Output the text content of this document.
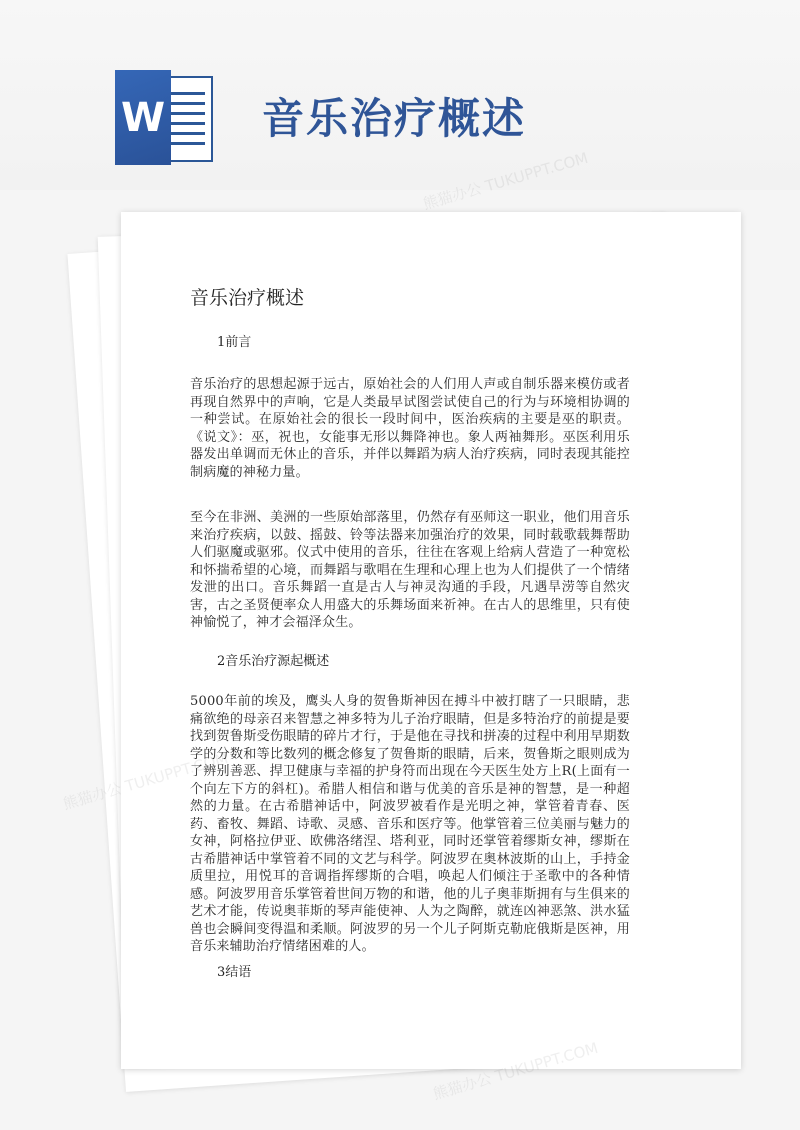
W 音乐治疗概述
音乐治疗概述
1前言

音乐治疗的思想起源于远古，原始社会的人们用人声或自制乐器来模仿或者再现自然界中的声响，它是人类最早试图尝试使自己的行为与环境相协调的一种尝试。在原始社会的很长一段时间中，医治疾病的主要是巫的职责。《说文》：巫，祝也，女能事无形以舞降神也。象人两袖舞形。巫医利用乐器发出单调而无休止的音乐，并伴以舞蹈为病人治疗疾病，同时表现其能控制病魔的神秘力量。

至今在非洲、美洲的一些原始部落里，仍然存有巫师这一职业，他们用音乐来治疗疾病，以鼓、摇鼓、铃等法器来加强治疗的效果，同时载歌载舞帮助人们驱魔或驱邪。仪式中使用的音乐，往往在客观上给病人营造了一种宽松和怀揣希望的心境，而舞蹈与歌唱在生理和心理上也为人们提供了一个情绪发泄的出口。音乐舞蹈一直是古人与神灵沟通的手段，凡遇旱涝等自然灾害，古之圣贤便率众人用盛大的乐舞场面来祈神。在古人的思维里，只有使神愉悦了，神才会福泽众生。

2音乐治疗源起概述

5000年前的埃及，鹰头人身的贺鲁斯神因在搏斗中被打瞎了一只眼睛，悲痛欲绝的母亲召来智慧之神多特为儿子治疗眼睛，但是多特治疗的前提是要找到贺鲁斯受伤眼睛的碎片才行，于是他在寻找和拼凑的过程中利用早期数学的分数和等比数列的概念修复了贺鲁斯的眼睛，后来，贺鲁斯之眼则成为了辨别善恶、捍卫健康与幸福的护身符而出现在今天医生处方上R(上面有一个向左下方的斜杠)。希腊人相信和谐与优美的音乐是神的智慧，是一种超然的力量。在古希腊神话中，阿波罗被看作是光明之神，掌管着青春、医药、畜牧、舞蹈、诗歌、灵感、音乐和医疗等。他掌管着三位美丽与魅力的女神，阿格拉伊亚、欧佛洛绪涅、塔利亚，同时还掌管着缪斯女神，缪斯在古希腊神话中掌管着不同的文艺与科学。阿波罗在奥林波斯的山上，手持金质里拉，用悦耳的音调指挥缪斯的合唱，唤起人们倾注于圣歌中的各种情感。阿波罗用音乐掌管着世间万物的和谐，他的儿子奥菲斯拥有与生俱来的艺术才能，传说奥菲斯的琴声能使神、人为之陶醉，就连凶神恶煞、洪水猛兽也会瞬间变得温和柔顺。阿波罗的另一个儿子阿斯克勒庇俄斯是医神，用音乐来辅助治疗情绪困难的人。

3结语
熊猫办公
熊猫办公 TUKUPPT.COM
